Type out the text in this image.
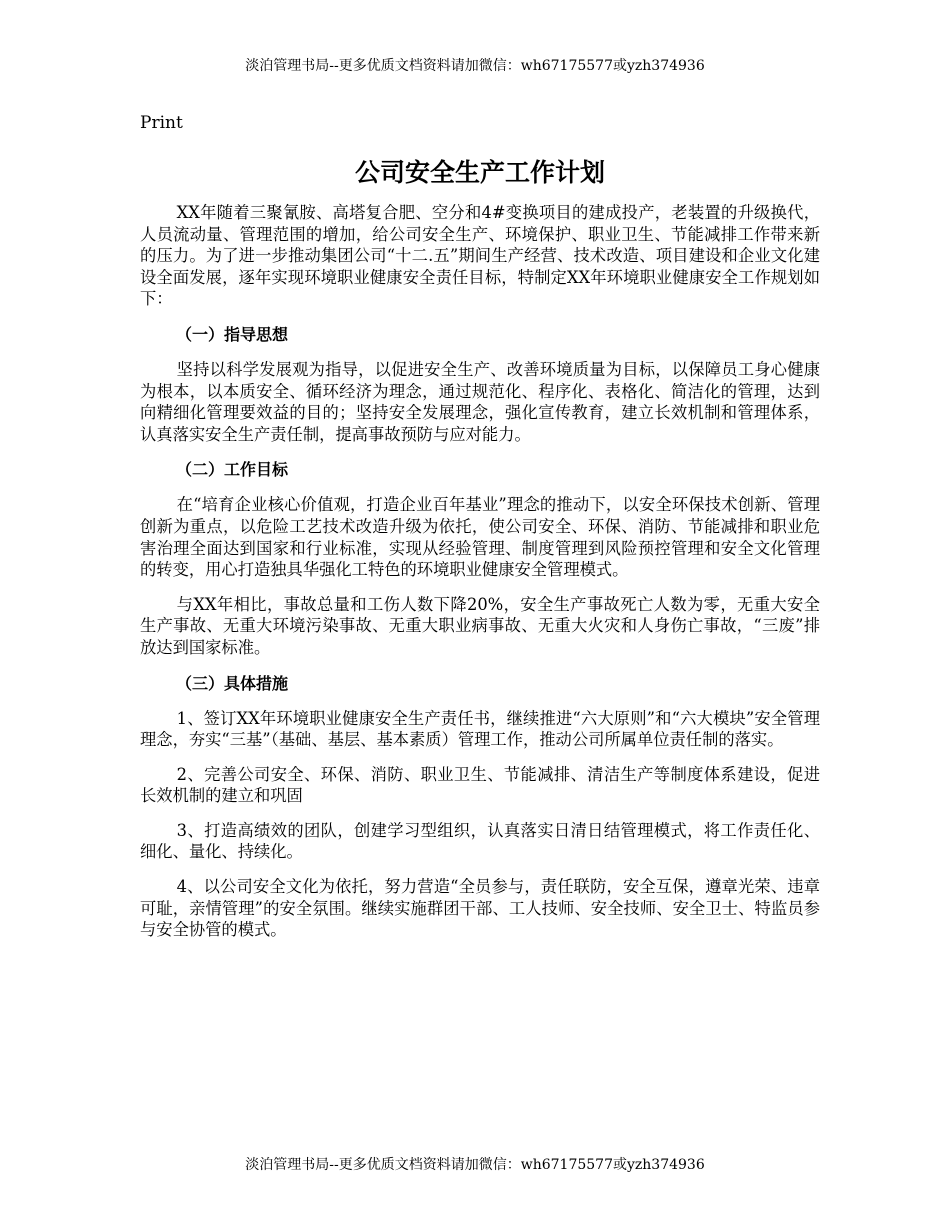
淡泊管理书局--更多优质文档资料请加微信：wh67175577或yzh374936

Print

公司安全生产工作计划

XX年随着三聚氰胺、高塔复合肥、空分和4#变换项目的建成投产，老装置的升级换代，人员流动量、管理范围的增加，给公司安全生产、环境保护、职业卫生、节能减排工作带来新的压力。为了进一步推动集团公司“十二.五”期间生产经营、技术改造、项目建设和企业文化建设全面发展，逐年实现环境职业健康安全责任目标，特制定XX年环境职业健康安全工作规划如下：

（一）指导思想

坚持以科学发展观为指导，以促进安全生产、改善环境质量为目标，以保障员工身心健康为根本，以本质安全、循环经济为理念，通过规范化、程序化、表格化、简洁化的管理，达到向精细化管理要效益的目的；坚持安全发展理念，强化宣传教育，建立长效机制和管理体系，认真落实安全生产责任制，提高事故预防与应对能力。

（二）工作目标

在“培育企业核心价值观，打造企业百年基业”理念的推动下，以安全环保技术创新、管理创新为重点，以危险工艺技术改造升级为依托，使公司安全、环保、消防、节能减排和职业危害治理全面达到国家和行业标准，实现从经验管理、制度管理到风险预控管理和安全文化管理的转变，用心打造独具华强化工特色的环境职业健康安全管理模式。

与XX年相比，事故总量和工伤人数下降20%，安全生产事故死亡人数为零，无重大安全生产事故、无重大环境污染事故、无重大职业病事故、无重大火灾和人身伤亡事故，“三废”排放达到国家标准。

（三）具体措施

1、签订XX年环境职业健康安全生产责任书，继续推进“六大原则”和“六大模块”安全管理理念，夯实“三基”（基础、基层、基本素质）管理工作，推动公司所属单位责任制的落实。

2、完善公司安全、环保、消防、职业卫生、节能减排、清洁生产等制度体系建设，促进长效机制的建立和巩固

3、打造高绩效的团队，创建学习型组织，认真落实日清日结管理模式，将工作责任化、细化、量化、持续化。

4、以公司安全文化为依托，努力营造“全员参与，责任联防，安全互保，遵章光荣、违章可耻，亲情管理”的安全氛围。继续实施群团干部、工人技师、安全技师、安全卫士、特监员参与安全协管的模式。

淡泊管理书局--更多优质文档资料请加微信：wh67175577或yzh374936
